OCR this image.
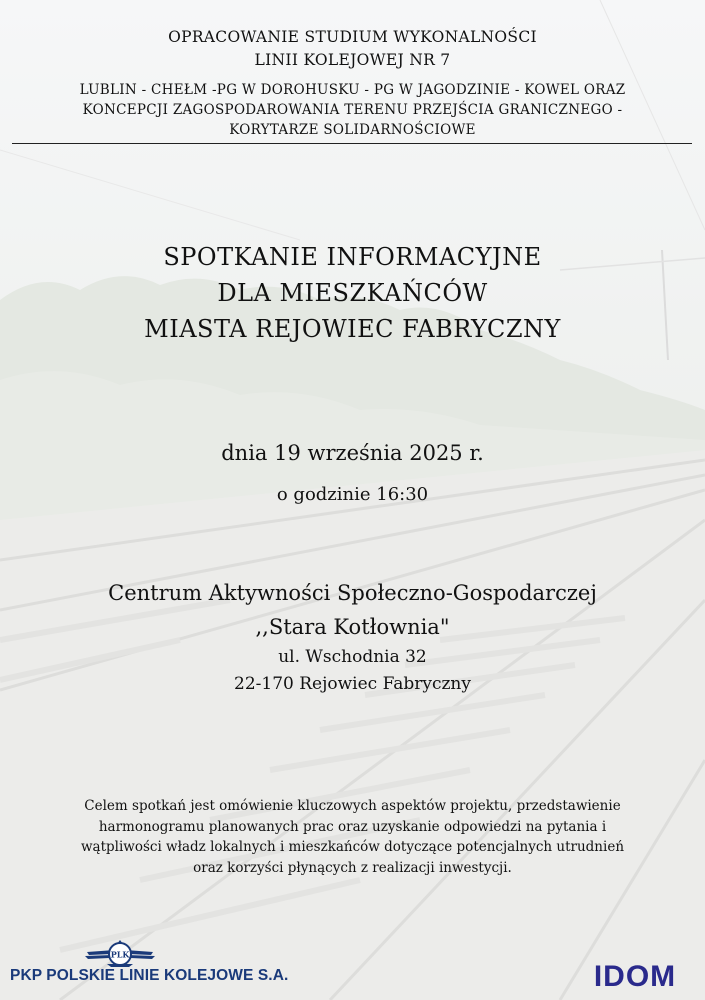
OPRACOWANIE STUDIUM WYKONALNOŚCI
LINII KOLEJOWEJ NR 7
LUBLIN - CHEŁM -PG W DOROHUSKU - PG W JAGODZINIE - KOWEL ORAZ
KONCEPCJI ZAGOSPODAROWANIA TERENU PRZEJŚCIA GRANICZNEGO -
KORYTARZE SOLIDARNOŚCIOWE
SPOTKANIE INFORMACYJNE
DLA MIESZKAŃCÓW
MIASTA REJOWIEC FABRYCZNY
dnia 19 września 2025 r.
o godzinie 16:30
Centrum Aktywności Społeczno-Gospodarczej
,,Stara Kotłownia"
ul. Wschodnia 32
22-170 Rejowiec Fabryczny

Celem spotkań jest omówienie kluczowych aspektów projektu, przedstawienie

harmonogramu planowanych prac oraz uzyskanie odpowiedzi na pytania i

wątpliwości władz lokalnych i mieszkańców dotyczące potencjalnych utrudnień

oraz korzyści płynących z realizacji inwestycji.

PLK
PKP POLSKIE LINIE KOLEJOWE S.A.	IDOM
